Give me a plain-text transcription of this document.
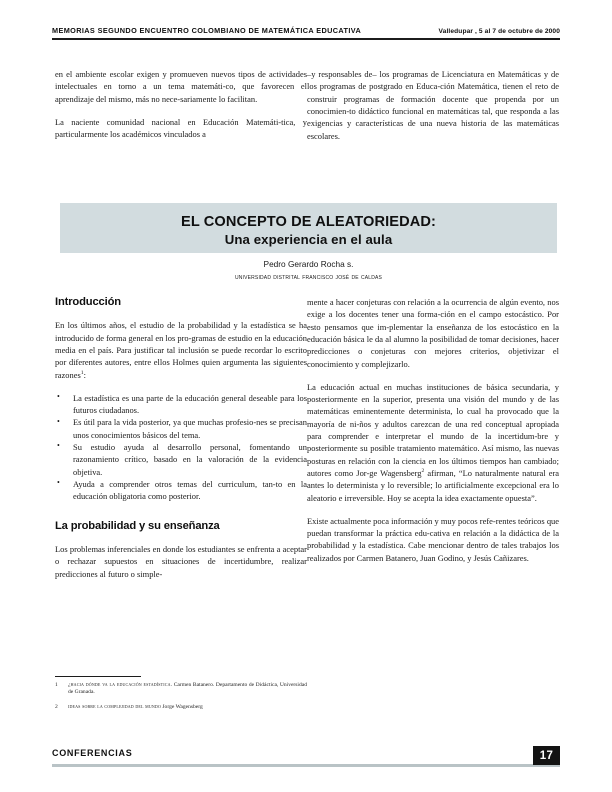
MEMORIAS SEGUNDO ENCUENTRO COLOMBIANO DE MATEMÁTICA EDUCATIVA	Valledupar , 5 al 7 de octubre de 2000

en el ambiente escolar exigen y promueven nuevos tipos de actividades intelectuales en torno a un tema matemáti-co, que favorecen el aprendizaje del mismo, más no nece-sariamente lo facilitan.

La naciente comunidad nacional en Educación Matemáti-tica, y particularmente los académicos vinculados a

–y responsables de– los programas de Licenciatura en Matemáticas y de los programas de postgrado en Educa-ción Matemática, tienen el reto de construir programas de formación docente que propenda por un conocimien-to didáctico funcional en matemáticas tal, que responda a las exigencias y características de una nueva historia de las matemáticas escolares.

EL CONCEPTO DE ALEATORIEDAD:
Una experiencia en el aula
Pedro Gerardo Rocha s.
universidad distrital francisco josé de caldas
Introducción

En los últimos años, el estudio de la probabilidad y la estadística se ha introducido de forma general en los pro-gramas de estudio en la educación media en el país. Para justificar tal inclusión se puede recordar lo escrito por diferentes autores, entre ellos Holmes quien argumenta las siguientes razones$^1$:

• La estadística es una parte de la educación general deseable para los futuros ciudadanos.
• Es útil para la vida posterior, ya que muchas profesio-nes se precisan unos conocimientos básicos del tema.
• Su estudio ayuda al desarrollo personal, fomentando un razonamiento crítico, basado en la valoración de la evidencia objetiva.
• Ayuda a comprender otros temas del curriculum, tan-to en la educación obligatoria como posterior.
La probabilidad y su enseñanza

Los problemas inferenciales en donde los estudiantes se enfrenta a aceptar o rechazar supuestos en situaciones de incertidumbre, realizar predicciones al futuro o simple-

mente a hacer conjeturas con relación a la ocurrencia de algún evento, nos exige a los docentes tener una forma-ción en el campo estocástico. Por esto pensamos que im-plementar la enseñanza de los estocástico en la educación básica le da al alumno la posibilidad de tomar decisiones, hacer predicciones o conjeturas con mejores criterios, objetivizar el conocimiento y complejizarlo.

La educación actual en muchas instituciones de básica secundaria, y posteriormente en la superior, presenta una visión del mundo y de las matemáticas eminentemente determinista, lo cual ha provocado que la mayoría de ni-ños y adultos carezcan de una red conceptual apropiada para comprender e interpretar el mundo de la incertidum-bre y posteriormente su posible tratamiento matemático. Así mismo, las nuevas posturas en relación con la ciencia en los últimos tiempos han cambiado; autores como Jor-ge Wagensberg$^2$ afirman, “Lo naturalmente natural era antes lo determinista y lo reversible; lo artificialmente excepcional era lo aleatorio e irreversible. Hoy se acepta la idea exactamente opuesta”.

Existe actualmente poca información y muy pocos refe-rentes teóricos que puedan transformar la práctica edu-cativa en relación a la didáctica de la probabilidad y la estadística. Cabe mencionar dentro de tales trabajos los realizados por Carmen Batanero, Juan Godino, y Jesús Cañizares.

1	¿hacia dónde va la educación estadística. Carmen Batanero. Departamento de Didáctica, Universidad de Granada.
2	ideas sobre la complejidad del mundo Jorge Wagensberg
CONFERENCIAS	17
